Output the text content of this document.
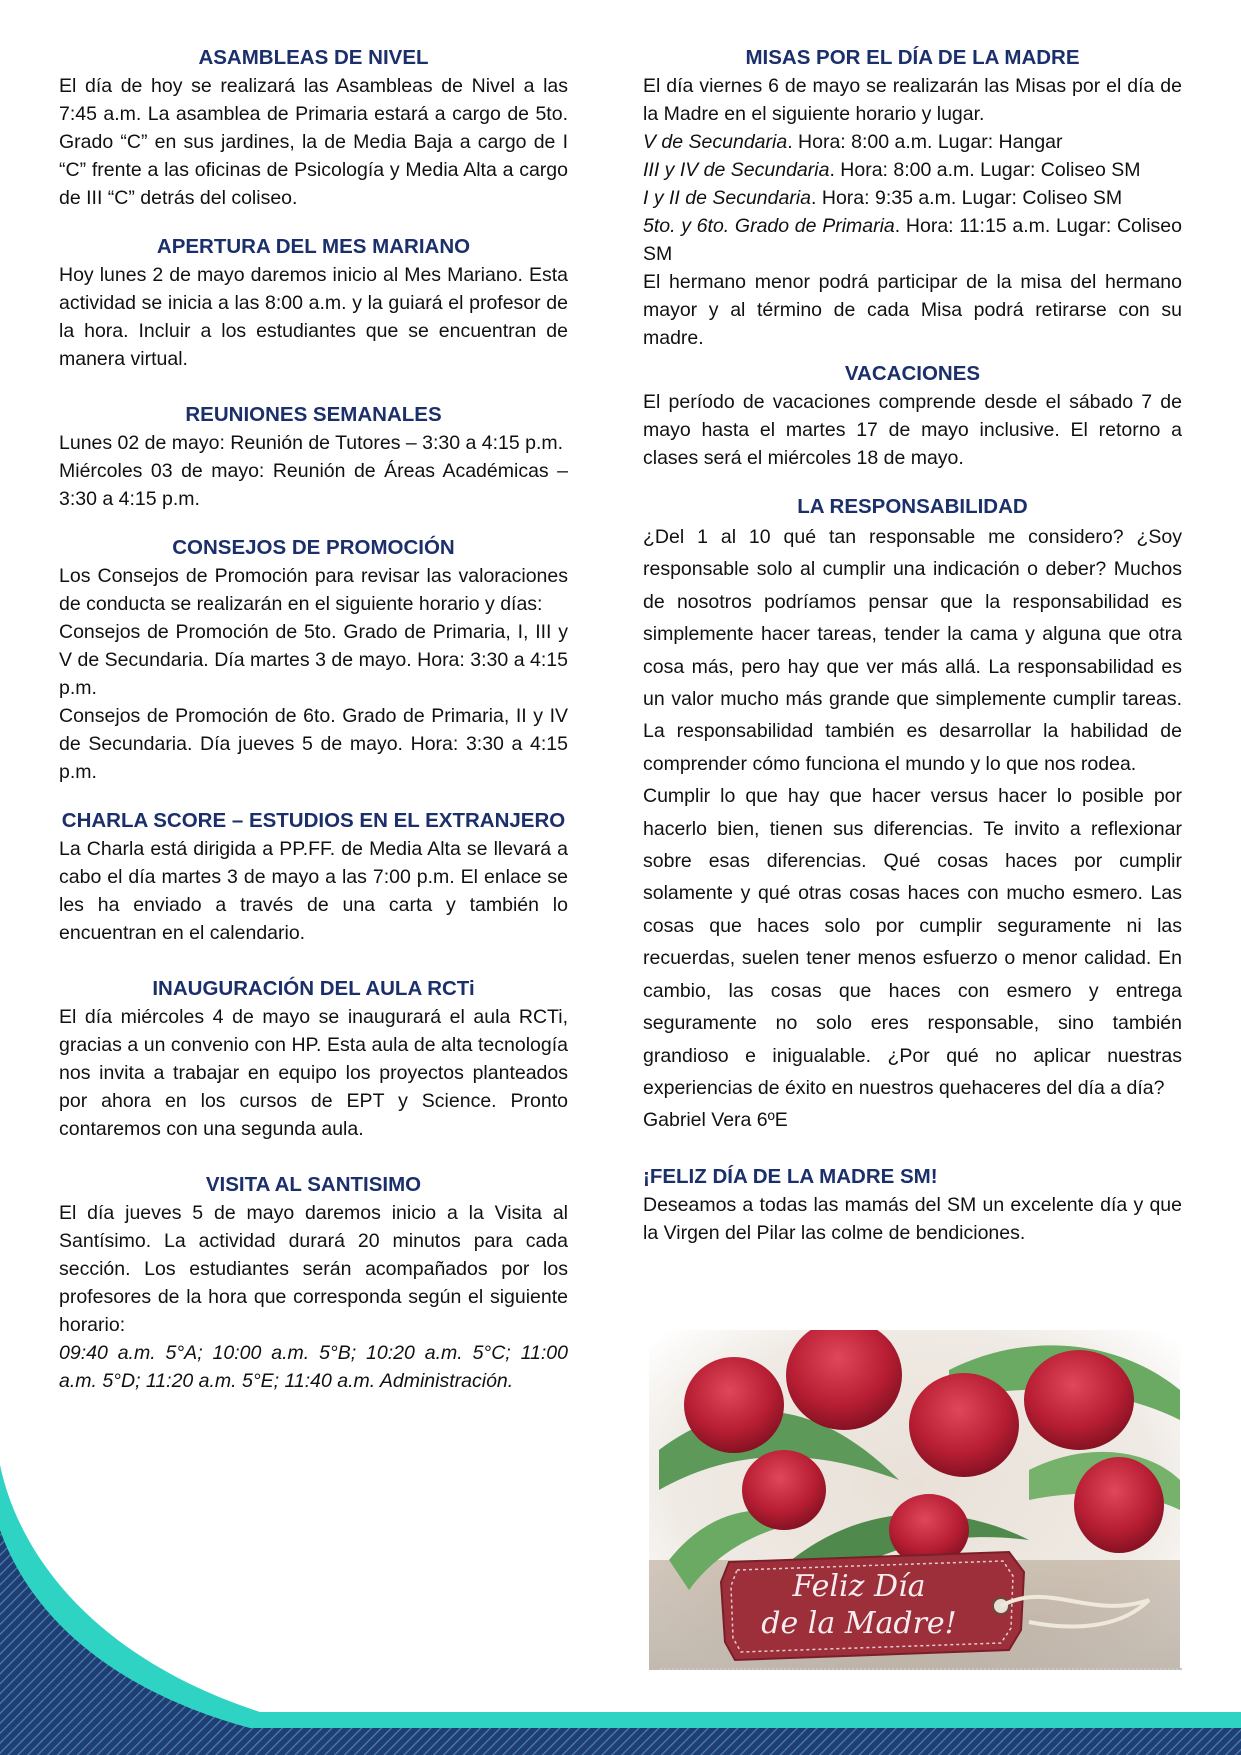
ASAMBLEAS DE NIVEL

El día de hoy se realizará las Asambleas de Nivel a las 7:45 a.m. La asamblea de Primaria estará a cargo de 5to. Grado “C” en sus jardines, la de Media Baja a cargo de I “C” frente a las oficinas de Psicología y Media Alta a cargo de III “C” detrás del coliseo.

APERTURA DEL MES MARIANO

Hoy lunes 2 de mayo daremos inicio al Mes Mariano. Esta actividad se inicia a las 8:00 a.m. y la guiará el profesor de la hora. Incluir a los estudiantes que se encuentran de manera virtual.

REUNIONES SEMANALES

Lunes 02 de mayo: Reunión de Tutores – 3:30 a 4:15 p.m.

Miércoles 03 de mayo: Reunión de Áreas Académicas – 3:30 a 4:15 p.m.

CONSEJOS DE PROMOCIÓN

Los Consejos de Promoción para revisar las valoraciones de conducta se realizarán en el siguiente horario y días:

Consejos de Promoción de 5to. Grado de Primaria, I, III y V de Secundaria. Día martes 3 de mayo. Hora: 3:30 a 4:15 p.m.

Consejos de Promoción de 6to. Grado de Primaria, II y IV de Secundaria. Día jueves 5 de mayo. Hora: 3:30 a 4:15 p.m.

CHARLA SCORE – ESTUDIOS EN EL EXTRANJERO

La Charla está dirigida a PP.FF. de Media Alta se llevará a cabo el día martes 3 de mayo a las 7:00 p.m. El enlace se les ha enviado a través de una carta y también lo encuentran en el calendario.

INAUGURACIÓN DEL AULA RCTi

El día miércoles 4 de mayo se inaugurará el aula RCTi, gracias a un convenio con HP. Esta aula de alta tecnología nos invita a trabajar en equipo los proyectos planteados por ahora en los cursos de EPT y Science. Pronto contaremos con una segunda aula.

VISITA AL SANTISIMO

El día jueves 5 de mayo daremos inicio a la Visita al Santísimo. La actividad durará 20 minutos para cada sección. Los estudiantes serán acompañados por los profesores de la hora que corresponda según el siguiente horario:

09:40 a.m. 5°A; 10:00 a.m. 5°B; 10:20 a.m. 5°C; 11:00 a.m. 5°D; 11:20 a.m. 5°E; 11:40 a.m. Administración.

MISAS POR EL DÍA DE LA MADRE

El día viernes 6 de mayo se realizarán las Misas por el día de la Madre en el siguiente horario y lugar.

V de Secundaria. Hora: 8:00 a.m. Lugar: Hangar

III y IV de Secundaria. Hora: 8:00 a.m. Lugar: Coliseo SM

I y II de Secundaria. Hora: 9:35 a.m. Lugar: Coliseo SM

5to. y 6to. Grado de Primaria. Hora: 11:15 a.m. Lugar: Coliseo SM

El hermano menor podrá participar de la misa del hermano mayor y al término de cada Misa podrá retirarse con su madre.

VACACIONES

El período de vacaciones comprende desde el sábado 7 de mayo hasta el martes 17 de mayo inclusive. El retorno a clases será el miércoles 18 de mayo.

LA RESPONSABILIDAD

¿Del 1 al 10 qué tan responsable me considero? ¿Soy responsable solo al cumplir una indicación o deber? Muchos de nosotros podríamos pensar que la responsabilidad es simplemente hacer tareas, tender la cama y alguna que otra cosa más, pero hay que ver más allá. La responsabilidad es un valor mucho más grande que simplemente cumplir tareas. La responsabilidad también es desarrollar la habilidad de comprender cómo funciona el mundo y lo que nos rodea.

Cumplir lo que hay que hacer versus hacer lo posible por hacerlo bien, tienen sus diferencias. Te invito a reflexionar sobre esas diferencias. Qué cosas haces por cumplir solamente y qué otras cosas haces con mucho esmero. Las cosas que haces solo por cumplir seguramente ni las recuerdas, suelen tener menos esfuerzo o menor calidad. En cambio, las cosas que haces con esmero y entrega seguramente no solo eres responsable, sino también grandioso e inigualable. ¿Por qué no aplicar nuestras experiencias de éxito en nuestros quehaceres del día a día?

Gabriel Vera 6ºE

¡FELIZ DÍA DE LA MADRE SM!

Deseamos a todas las mamás del SM un excelente día y que la Virgen del Pilar las colme de bendiciones.

Feliz Día
de la Madre!
